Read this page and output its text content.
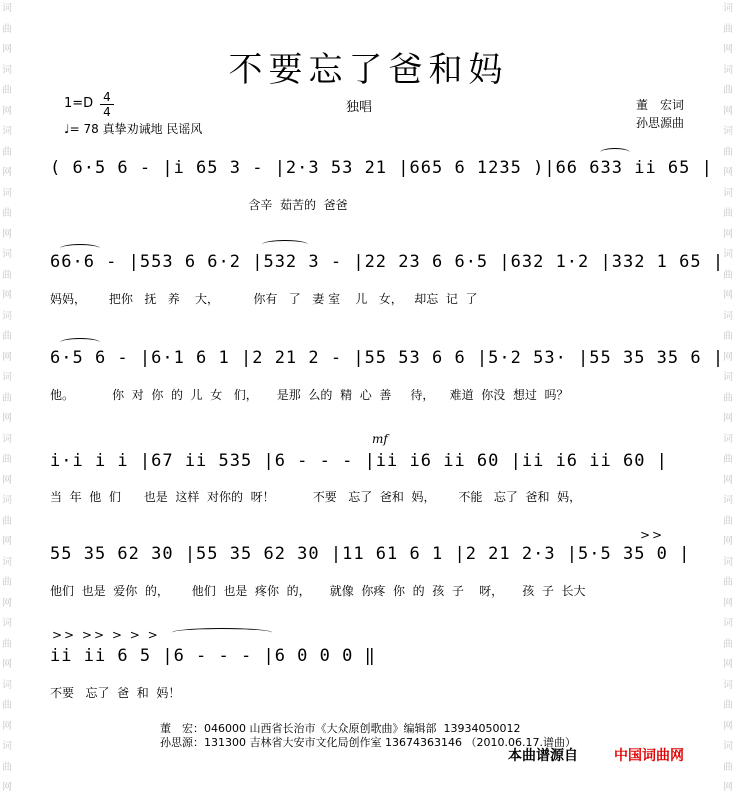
词
曲
网
词
曲
网
词
曲
网
词
曲
网
词
曲
网
词
曲
网
词
曲
网
词
曲
网
词
曲
网
词
曲
网
词
曲
网
词
曲
网
词
曲
网
词
曲
网
词
曲
网
词
曲
网
词
曲
网
词
曲
网
词
曲
网
词
曲
网
词
曲
网
词
曲
网
词
曲
网
词
曲
网
词
曲
网
词
曲
网
不要忘了爸和妈
1=D 4
4
♩= 78 真挚劝诫地 民谣风
独唱	董　宏词
孙思源曲
( 6·5 6 - |i 65 3 - |2·3 53 21 |665 6 1235 )|66 633 ii 65 |
含辛  茹苦的  爸爸
66·6 - |553 6 6·2 |532 3 - |22 23 6 6·5 |632 1·2 |332 1 65 |
妈妈，      把你   抚   养    大，         你有   了   妻 室    儿   女，   却忘  记  了
6·5 6 - |6·1 6 1 |2 21 2 - |55 53 6 6 |5·2 53· |55 35 35 6 |
他。          你  对  你  的  儿  女   们，     是那  么的  精  心  善     待，    难道  你没  想过  吗？
mf
i·i i i |67 ii 535 |6 - - - |ii i6 ii 60 |ii i6 ii 60 |
当  年  他  们      也是  这样  对你的  呀！          不要   忘了  爸和  妈，      不能   忘了  爸和  妈，
>>
55 35 62 30 |55 35 62 30 |11 61 6 1 |2 21 2·3 |5·5 35 0 |
他们  也是  爱你  的，      他们  也是  疼你  的，     就像  你疼  你  的  孩  子    呀，     孩  子  长大
>> >> > > >
ii ii 6 5 |6 - - - |6 0 0 0 ‖
不要   忘了  爸  和  妈！
董　宏：046000 山西省长治市《大众原创歌曲》编辑部  13934050012
孙思源：131300 吉林省大安市文化局创作室 13674363146 （2010.06.17.谱曲）
本曲谱源自	中国词曲网
